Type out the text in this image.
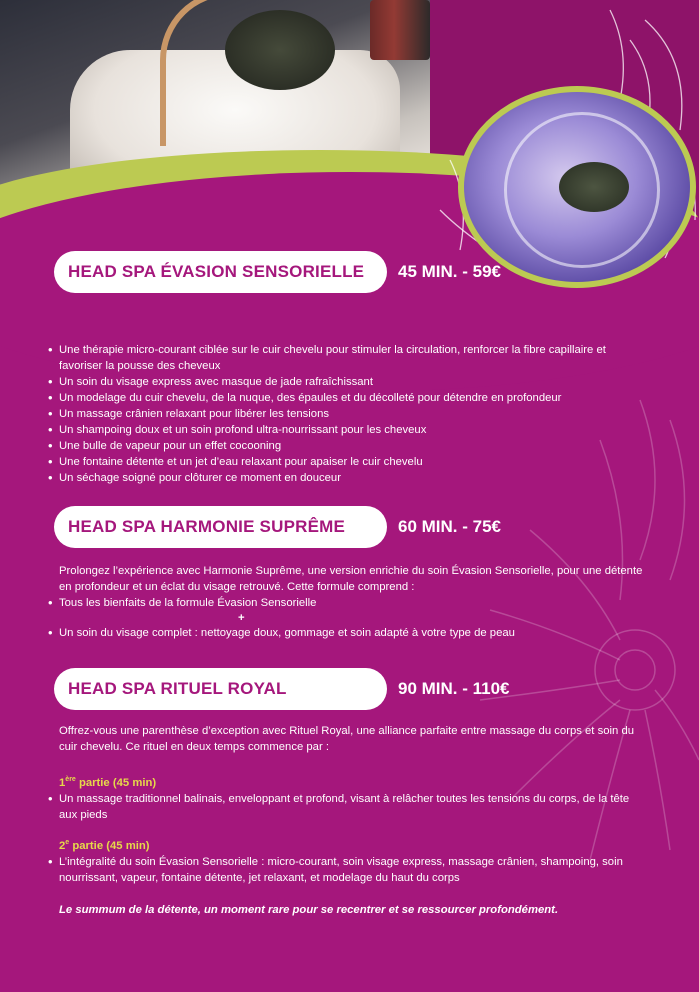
HEAD SPA ÉVASION SENSORIELLE 45 MIN. - 59€
• Une thérapie micro-courant ciblée sur le cuir chevelu pour stimuler la circulation, renforcer la fibre capillaire et favoriser la pousse des cheveux
• Un soin du visage express avec masque de jade rafraîchissant
• Un modelage du cuir chevelu, de la nuque, des épaules et du décolleté pour détendre en profondeur
• Un massage crânien relaxant pour libérer les tensions
• Un shampoing doux et un soin profond ultra-nourrissant pour les cheveux
• Une bulle de vapeur pour un effet cocooning
• Une fontaine détente et un jet d’eau relaxant pour apaiser le cuir chevelu
• Un séchage soigné pour clôturer ce moment en douceur
HEAD SPA HARMONIE SUPRÊME	60 MIN. - 75€

Prolongez l’expérience avec Harmonie Suprême, une version enrichie du soin Évasion Sensorielle, pour une détente en profondeur et un éclat du visage retrouvé. Cette formule comprend :

• Tous les bienfaits de la formule Évasion Sensorielle
+
• Un soin du visage complet : nettoyage doux, gommage et soin adapté à votre type de peau
HEAD SPA RITUEL ROYAL	90 MIN. - 110€

Offrez-vous une parenthèse d’exception avec Rituel Royal, une alliance parfaite entre massage du corps et soin du cuir chevelu. Ce rituel en deux temps commence par :

1ère partie (45 min)
• Un massage traditionnel balinais, enveloppant et profond, visant à relâcher toutes les tensions du corps, de la tête aux pieds
2e partie (45 min)
• L’intégralité du soin Évasion Sensorielle : micro-courant, soin visage express, massage crânien, shampoing, soin nourrissant, vapeur, fontaine détente, jet relaxant, et modelage du haut du corps
Le summum de la détente, un moment rare pour se recentrer et se ressourcer profondément.
